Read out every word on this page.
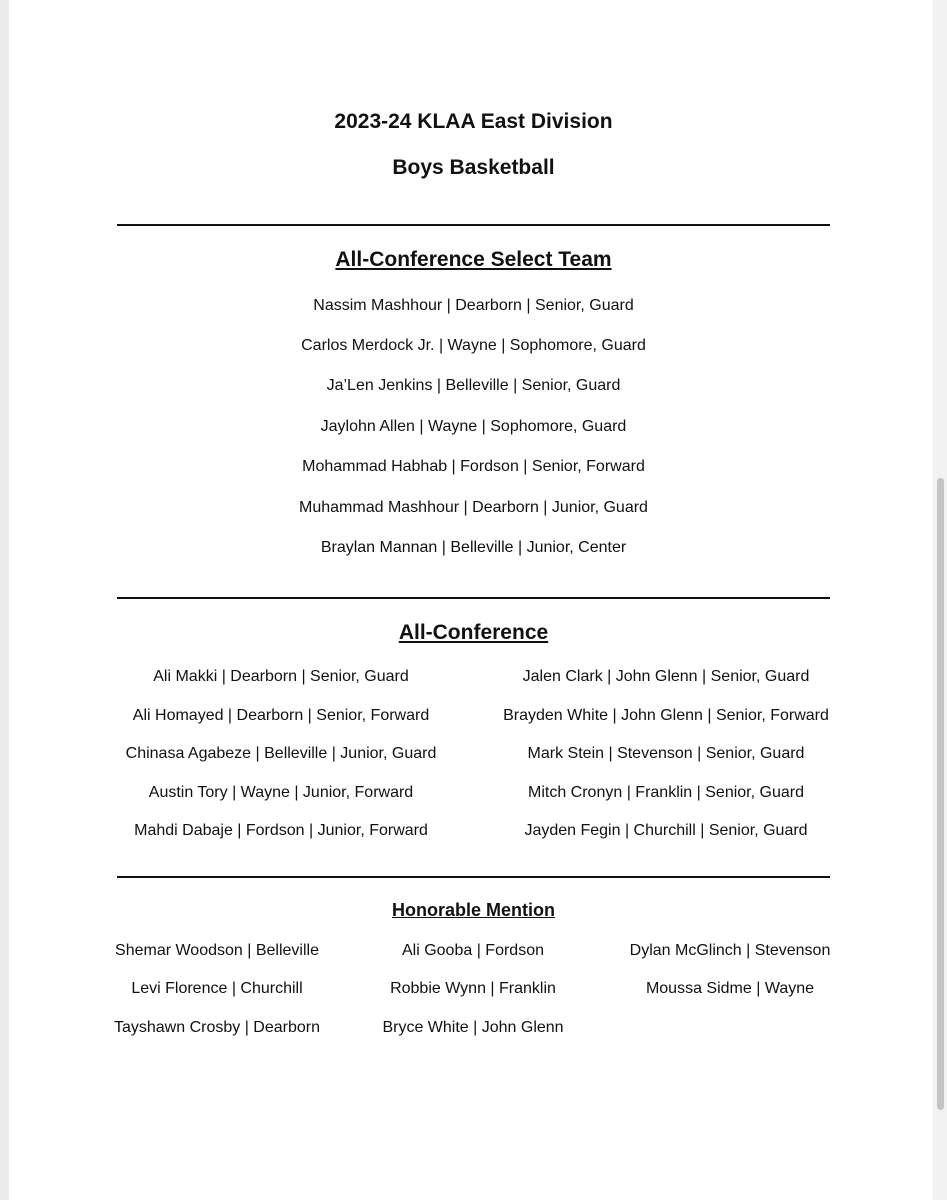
2023-24 KLAA East Division
Boys Basketball
All-Conference Select Team
Nassim Mashhour | Dearborn | Senior, Guard
Carlos Merdock Jr. | Wayne | Sophomore, Guard
Ja’Len Jenkins | Belleville | Senior, Guard
Jaylohn Allen | Wayne | Sophomore, Guard
Mohammad Habhab | Fordson | Senior, Forward
Muhammad Mashhour | Dearborn | Junior, Guard
Braylan Mannan | Belleville | Junior, Center
All-Conference
Ali Makki | Dearborn | Senior, Guard
Ali Homayed | Dearborn | Senior, Forward
Chinasa Agabeze | Belleville | Junior, Guard
Austin Tory | Wayne | Junior, Forward
Mahdi Dabaje | Fordson | Junior, Forward
Jalen Clark | John Glenn | Senior, Guard
Brayden White | John Glenn | Senior, Forward
Mark Stein | Stevenson | Senior, Guard
Mitch Cronyn | Franklin | Senior, Guard
Jayden Fegin | Churchill | Senior, Guard
Honorable Mention
Shemar Woodson | Belleville
Levi Florence | Churchill
Tayshawn Crosby | Dearborn
Ali Gooba | Fordson
Robbie Wynn | Franklin
Bryce White | John Glenn
Dylan McGlinch | Stevenson
Moussa Sidme | Wayne
